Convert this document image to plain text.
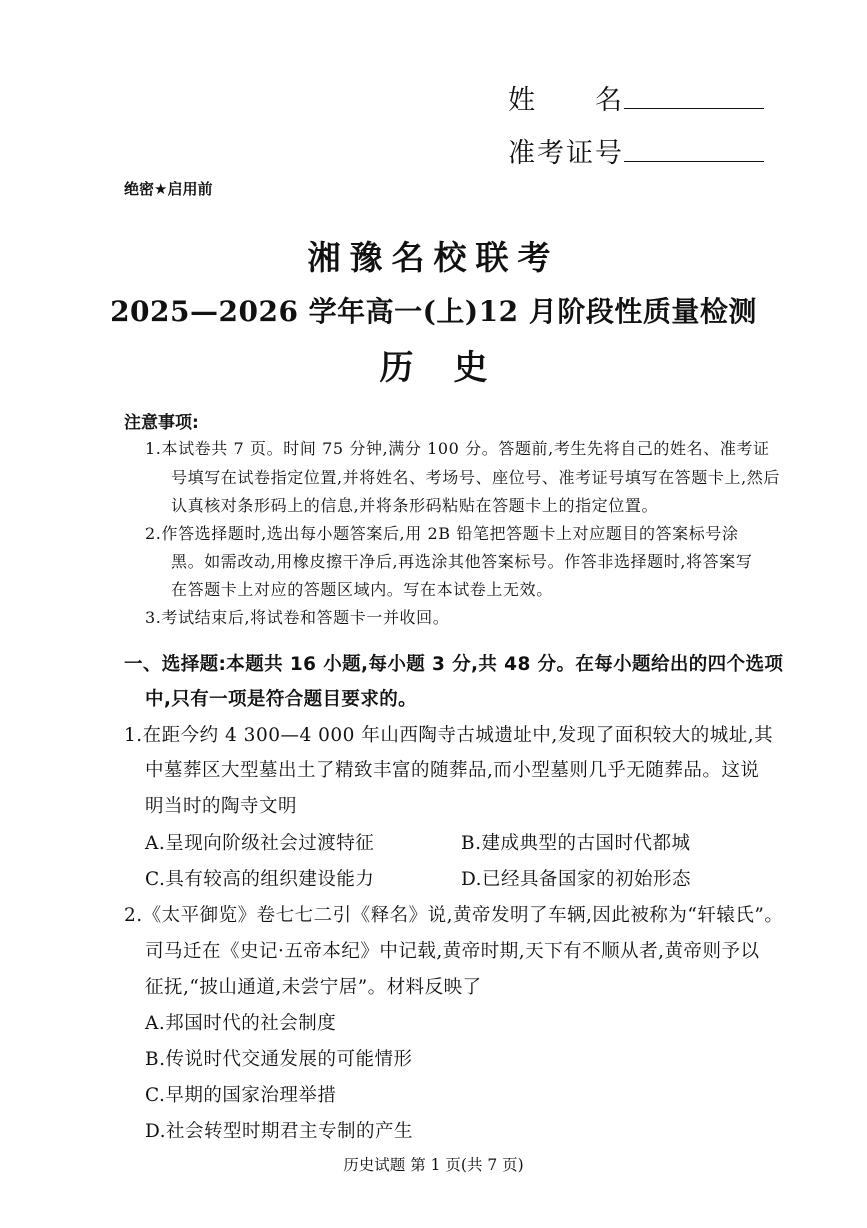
姓　　名
准考证号
绝密★启用前
湘豫名校联考
2025—2026 学年高一(上)12 月阶段性质量检测
历史
注意事项:
1.本试卷共 7 页。时间 75 分钟,满分 100 分。答题前,考生先将自己的姓名、准考证
号填写在试卷指定位置,并将姓名、考场号、座位号、准考证号填写在答题卡上,然后
认真核对条形码上的信息,并将条形码粘贴在答题卡上的指定位置。
2.作答选择题时,选出每小题答案后,用 2B 铅笔把答题卡上对应题目的答案标号涂
黑。如需改动,用橡皮擦干净后,再选涂其他答案标号。作答非选择题时,将答案写
在答题卡上对应的答题区域内。写在本试卷上无效。
3.考试结束后,将试卷和答题卡一并收回。
一、选择题:本题共 16 小题,每小题 3 分,共 48 分。在每小题给出的四个选项
中,只有一项是符合题目要求的。
1.在距今约 4 300—4 000 年山西陶寺古城遗址中,发现了面积较大的城址,其
中墓葬区大型墓出土了精致丰富的随葬品,而小型墓则几乎无随葬品。这说
明当时的陶寺文明
A.呈现向阶级社会过渡特征	B.建成典型的古国时代都城
C.具有较高的组织建设能力	D.已经具备国家的初始形态
2.《太平御览》卷七七二引《释名》说,黄帝发明了车辆,因此被称为“轩辕氏”。
司马迁在《史记·五帝本纪》中记载,黄帝时期,天下有不顺从者,黄帝则予以
征抚,“披山通道,未尝宁居”。材料反映了
A.邦国时代的社会制度
B.传说时代交通发展的可能情形
C.早期的国家治理举措
D.社会转型时期君主专制的产生
历史试题 第 1 页(共 7 页)
